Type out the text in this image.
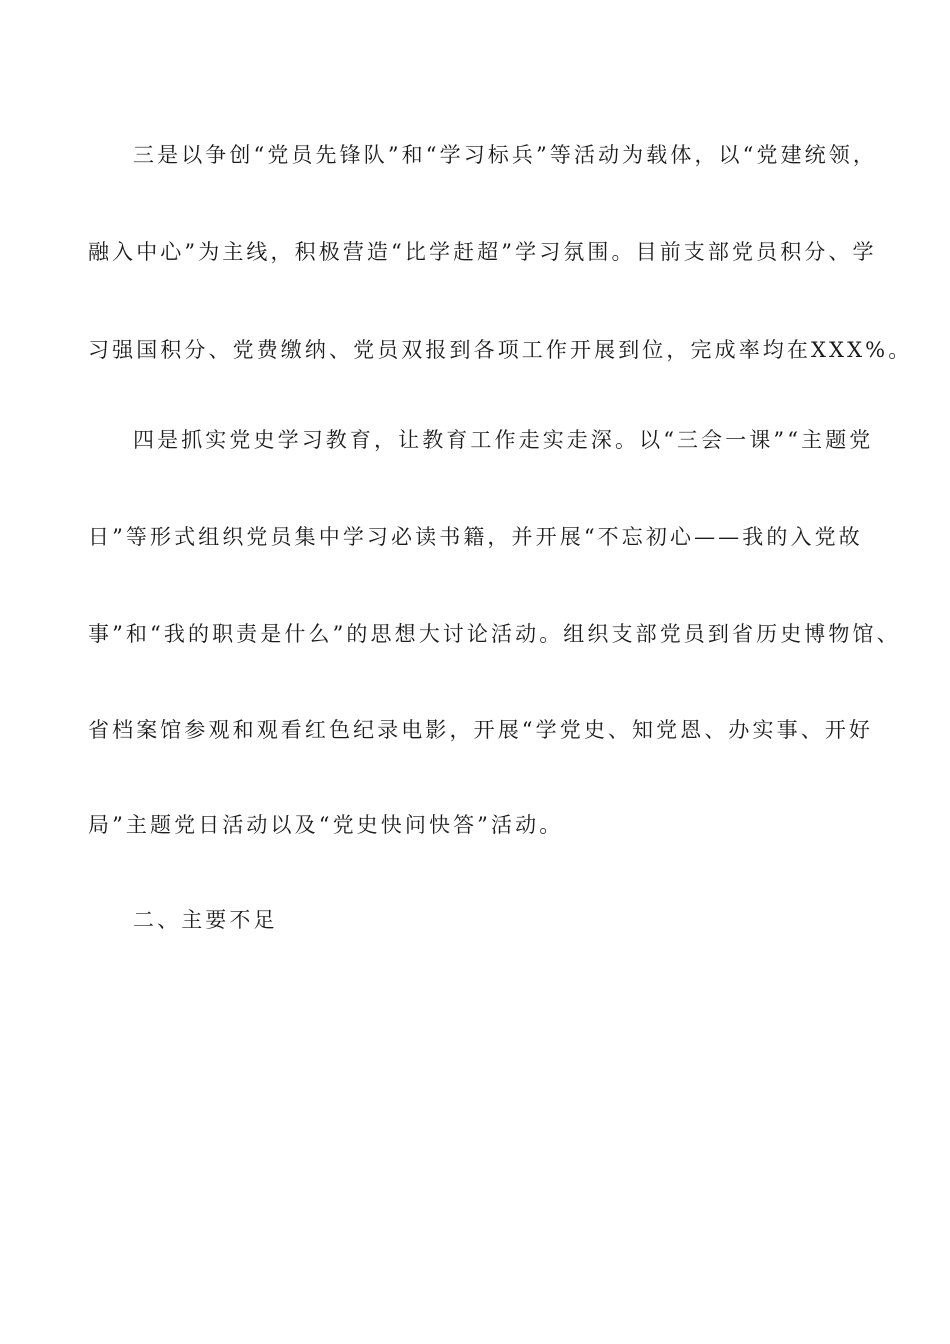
三是以争创“党员先锋队”和“学习标兵”等活动为载体，以“党建统领，
融入中心”为主线，积极营造“比学赶超”学习氛围。目前支部党员积分、学
习强国积分、党费缴纳、党员双报到各项工作开展到位，完成率均在XXX%。
四是抓实党史学习教育，让教育工作走实走深。以“三会一课”“主题党
日”等形式组织党员集中学习必读书籍，并开展“不忘初心——我的入党故
事”和“我的职责是什么”的思想大讨论活动。组织支部党员到省历史博物馆、
省档案馆参观和观看红色纪录电影，开展“学党史、知党恩、办实事、开好
局”主题党日活动以及“党史快问快答”活动。
二、主要不足
